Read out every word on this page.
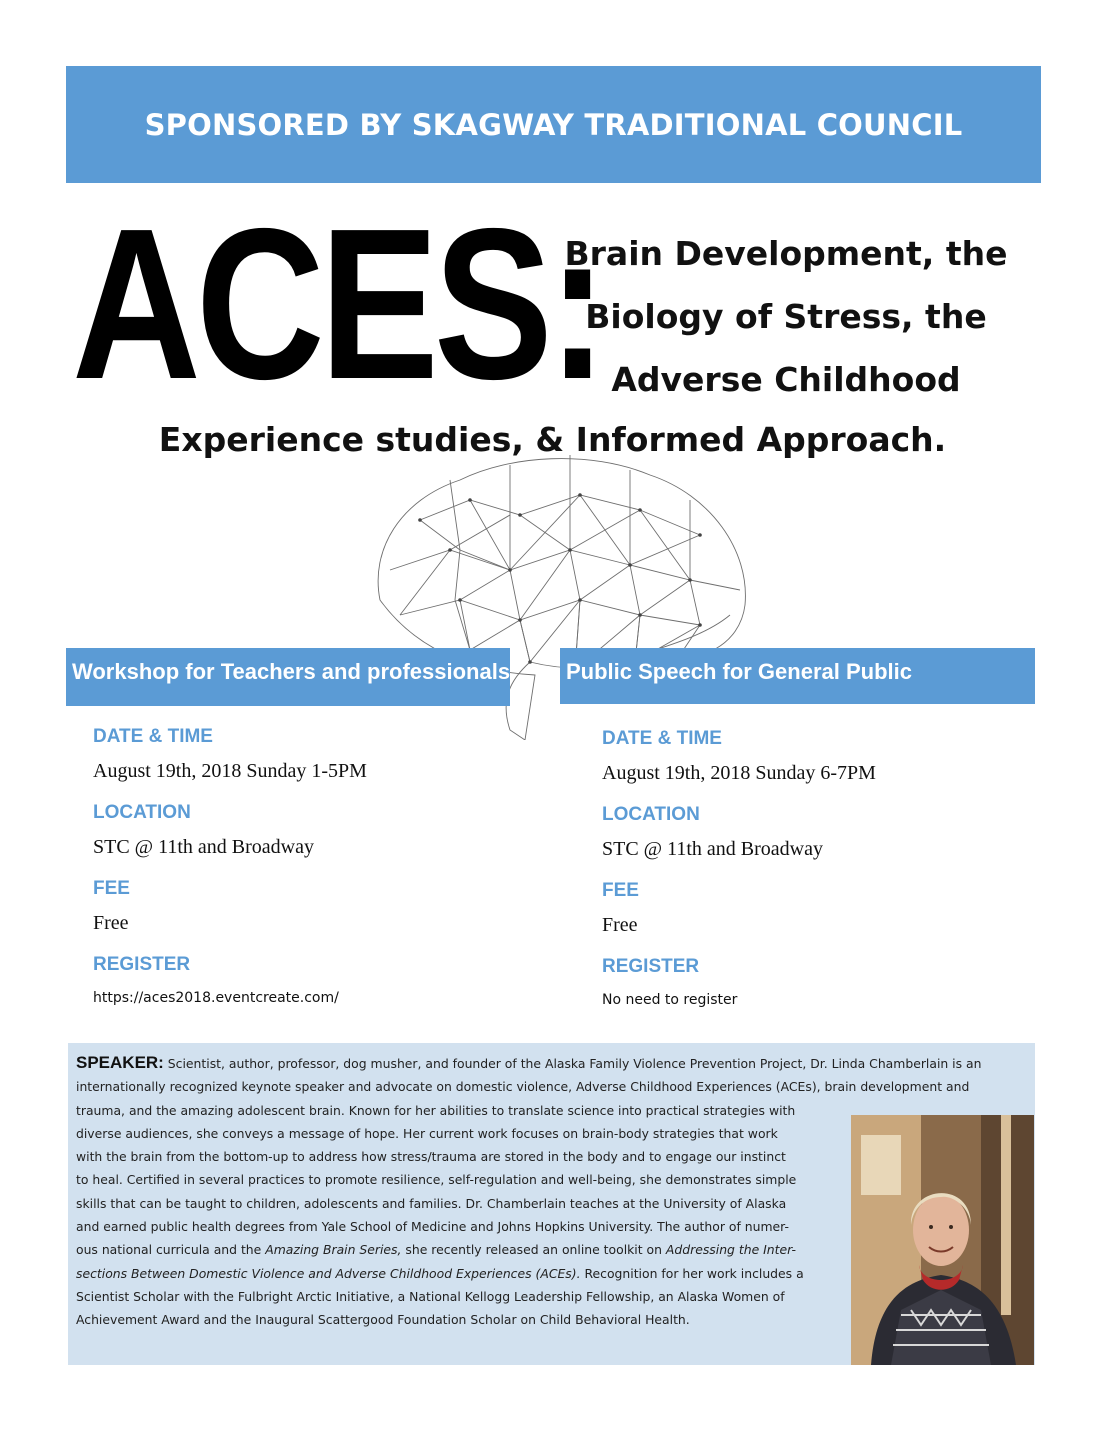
SPONSORED BY SKAGWAY TRADITIONAL COUNCIL
ACES:
Brain Development, the
Biology of Stress, the
Adverse Childhood
Experience studies, & Informed Approach.
Workshop for Teachers and professionals	Public Speech for General Public
DATE & TIME
August 19th, 2018 Sunday 1-5PM
LOCATION
STC @ 11th and Broadway
FEE
Free
REGISTER
https://aces2018.eventcreate.com/
DATE & TIME
August 19th, 2018 Sunday 6-7PM
LOCATION
STC @ 11th and Broadway
FEE
Free
REGISTER
No need to register
SPEAKER: Scientist, author, professor, dog musher, and founder of the Alaska Family Violence Prevention Project, Dr. Linda Chamberlain is an
internationally recognized keynote speaker and advocate on domestic violence, Adverse Childhood Experiences (ACEs), brain development and
trauma, and the amazing adolescent brain. Known for her abilities to translate science into practical strategies with
diverse audiences, she conveys a message of hope. Her current work focuses on brain-body strategies that work
with the brain from the bottom-up to address how stress/trauma are stored in the body and to engage our instinct
to heal. Certified in several practices to promote resilience, self-regulation and well-being, she demonstrates simple
skills that can be taught to children, adolescents and families. Dr. Chamberlain teaches at the University of Alaska
and earned public health degrees from Yale School of Medicine and Johns Hopkins University. The author of numer-
ous national curricula and the Amazing Brain Series, she recently released an online toolkit on Addressing the Inter-
sections Between Domestic Violence and Adverse Childhood Experiences (ACEs). Recognition for her work includes a
Scientist Scholar with the Fulbright Arctic Initiative, a National Kellogg Leadership Fellowship, an Alaska Women of
Achievement Award and the Inaugural Scattergood Foundation Scholar on Child Behavioral Health.
